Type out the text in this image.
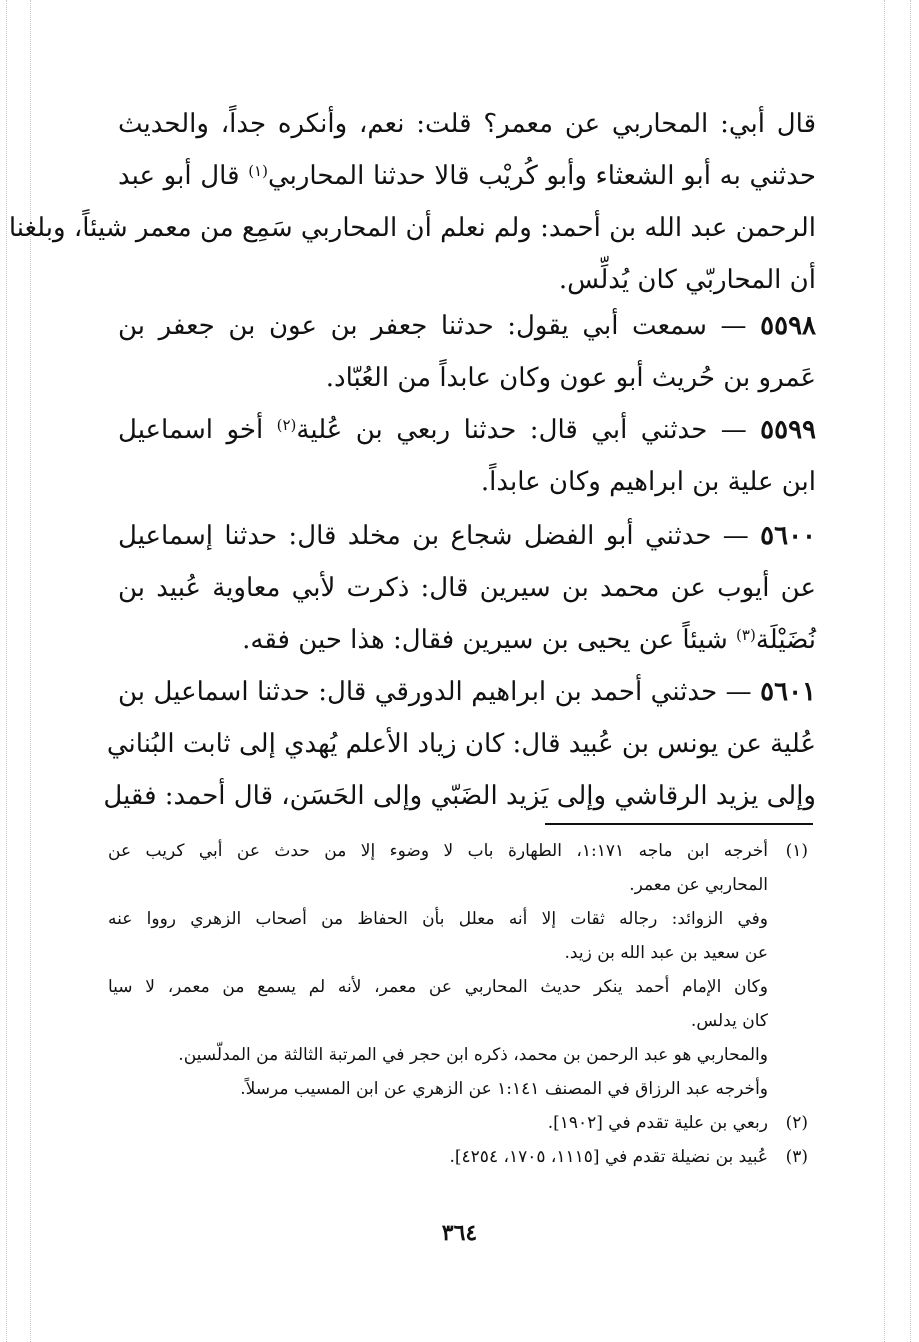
قال أبي: المحاربي عن معمر؟ قلت: نعم، وأنكره جداً، والحديث
حدثني به أبو الشعثاء وأبو كُريْب قالا حدثنا المحاربي$^{(١)}$ قال أبو عبد
الرحمن عبد الله بن أحمد: ولم نعلم أن المحاربي سَمِع من معمر شيئاً، وبلغنا
أن المحاربّي كان يُدلِّس.
٥٥٩٨ — سمعت أبي يقول: حدثنا جعفر بن عون بن جعفر بن
عَمرو بن حُريث أبو عون وكان عابداً من العُبّاد.
٥٥٩٩ — حدثني أبي قال: حدثنا ربعي بن عُلية$^{(٢)}$ أخو اسماعيل
ابن علية بن ابراهيم وكان عابداً.
٥٦٠٠ — حدثني أبو الفضل شجاع بن مخلد قال: حدثنا إسماعيل
عن أيوب عن محمد بن سيرين قال: ذكرت لأبي معاوية عُبيد بن
نُضَيْلَة$^{(٣)}$ شيئاً عن يحيى بن سيرين فقال: هذا حين فقه.
٥٦٠١ — حدثني أحمد بن ابراهيم الدورقي قال: حدثنا اسماعيل بن
عُلية عن يونس بن عُبيد قال: كان زياد الأعلم يُهدي إلى ثابت البُناني
وإلى يزيد الرقاشي وإلى يَزيد الضَبّي وإلى الحَسَن، قال أحمد: فقيل
(١)أخرجه ابن ماجه ١:١٧١، الطهارة باب لا وضوء إلا من حدث عن أبي كريب عن
المحاربي عن معمر.
وفي الزوائد: رجاله ثقات إلا أنه معلل بأن الحفاظ من أصحاب الزهري رووا عنه
عن سعيد بن عبد الله بن زيد.
وكان الإمام أحمد ينكر حديث المحاربي عن معمر، لأنه لم يسمع من معمر، لا سيا
كان يدلس.
والمحاربي هو عبد الرحمن بن محمد، ذكره ابن حجر في المرتبة الثالثة من المدلّسين.
وأخرجه عبد الرزاق في المصنف ١:١٤١ عن الزهري عن ابن المسيب مرسلاً.
(٢)ربعي بن علية تقدم في [١٩٠٢].
(٣)عُبيد بن نضيلة تقدم في [١١١٥، ١٧٠٥، ٤٢٥٤].
٣٦٤
